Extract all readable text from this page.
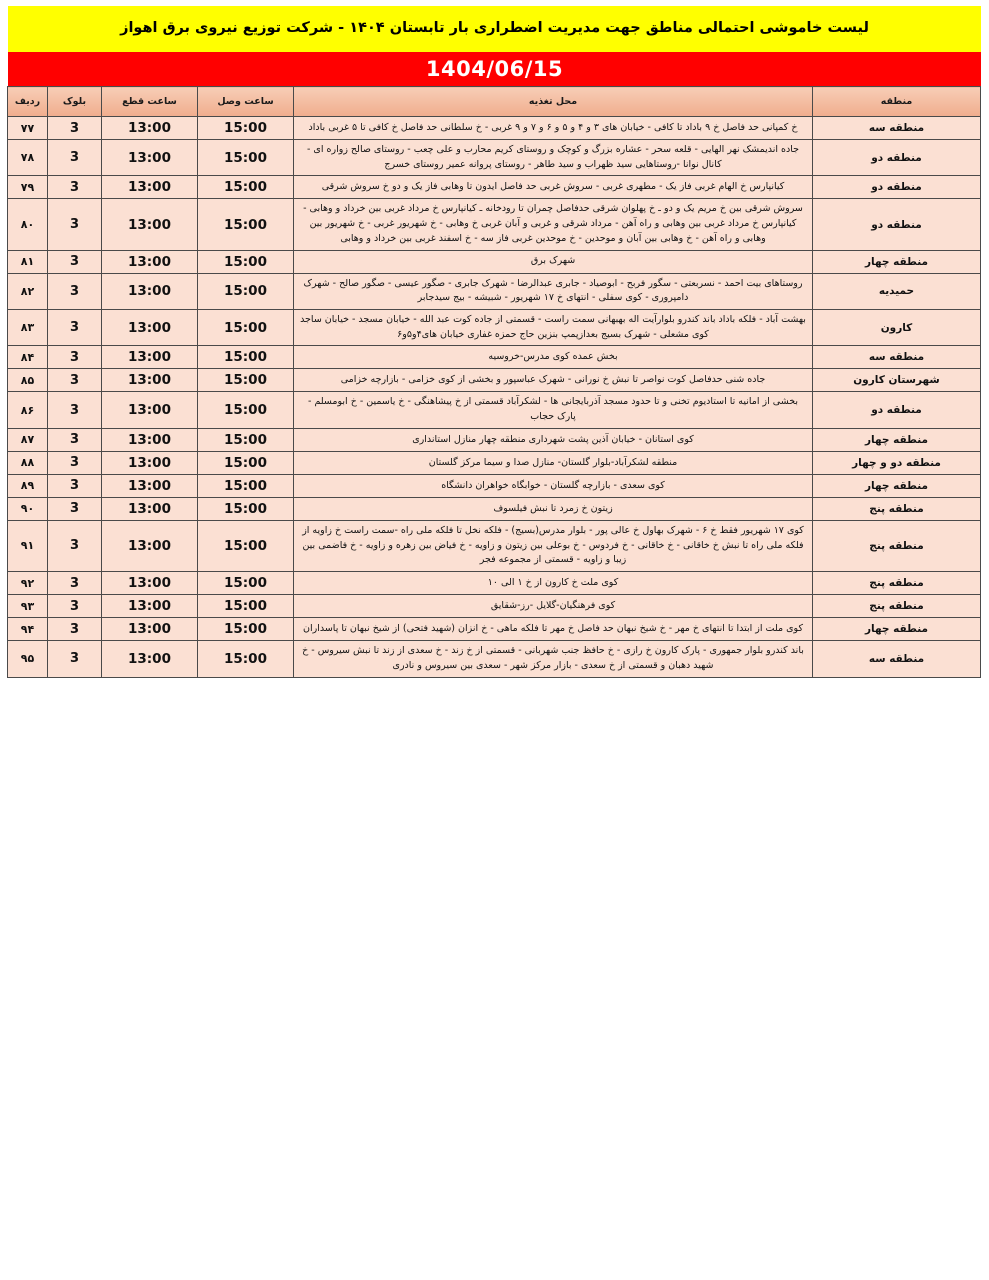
لیست خاموشی احتمالی مناطق جهت مدیریت اضطراری بار تابستان ۱۴۰۴ - شرکت توزیع نیروی برق اهواز
1404/06/15
منطقه	محل تغذیه	ساعت وصل	ساعت قطع	بلوک	ردیف
منطقه سه	خ کمپانی حد فاصل خ ۹ باداد تا کافی - خیابان های ۳ و ۴ و ۵ و ۶ و ۷ و ۹ غربی - خ سلطانی حد فاصل خ کافی تا ۵ غربی باداد	15:00	13:00	3	۷۷
منطقه دو	جاده اندیمشک نهر الهایی - قلعه سحر - عشاره بزرگ و کوچک و روستای کریم محارب و علی چعب - روستای صالح زواره ای - کانال نوانا -روستاهایی سید ظهراب و سید طاهر - روستای پروانه عمیر روستای خسرج	15:00	13:00	3	۷۸
منطقه دو	کیانپارس خ الهام غربی فاز یک - مطهری غربی - سروش غربی حد فاصل ایدون تا وهابی فاز یک و دو خ سروش شرقی	15:00	13:00	3	۷۹
منطقه دو	سروش شرقی بین خ مریم یک و دو ـ خ پهلوان شرقی حدفاصل چمران تا رودخانه ـ کیانپارس خ مرداد غربی بین خرداد و وهابی - کیانپارس خ مرداد غربی بین وهابی و راه آهن - مرداد شرقی و غربی و آبان غربی خ وهابی - خ شهریور غربی - خ شهریور بین وهابی و راه آهن - خ وهابی بین آبان و موحدین - خ موحدین غربی فاز سه - خ اسفند غربی بین خرداد و وهابی	15:00	13:00	3	۸۰
منطقه چهار	شهرک برق	15:00	13:00	3	۸۱
حمیدیه	روستاهای بیت احمد - نسربعتی - سگور فربح - ابوصیاد - جابری عبدالرضا - شهرک جابری - صگور عیسی - صگور صالح - شهرک دامپروری - کوی سفلی - انتهای خ ۱۷ شهریور - شبیشه - بیج سیدجابر	15:00	13:00	3	۸۲
کارون	بهشت آباد - فلکه باداد باند کندرو بلوارآیت اله بهبهانی سمت راست - قسمتی از جاده کوت عبد الله - خیابان مسجد - خیابان ساجد کوی مشعلی - شهرک بسیج بعدازپمپ بنزین حاج حمزه غفاری خیابان های۴و۵و۶	15:00	13:00	3	۸۳
منطقه سه	بخش عمده کوی مدرس-خروسیه	15:00	13:00	3	۸۴
شهرستان کارون	جاده شنی حدفاصل کوت نواصر تا نبش خ نورانی - شهرک عباسپور و بخشی از کوی خزامی - بازارچه خزامی	15:00	13:00	3	۸۵
منطقه دو	بخشی از امانیه تا استادیوم تخنی و تا حدود مسجد آذربایجانی ها - لشکرآباد قسمتی از خ پیشاهنگی - خ یاسمین - خ ابومسلم - پارک حجاب	15:00	13:00	3	۸۶
منطقه چهار	کوی استانان - خیابان آذین پشت شهرداری منطقه چهار منازل استانداری	15:00	13:00	3	۸۷
منطقه دو و چهار	منطقه لشکرآباد-بلوار گلستان- منازل صدا و سیما مرکز گلستان	15:00	13:00	3	۸۸
منطقه چهار	کوی سعدی - بازارچه گلستان - خوابگاه خواهران دانشگاه	15:00	13:00	3	۸۹
منطقه پنج	زیتون خ زمرد تا نبش فیلسوف	15:00	13:00	3	۹۰
منطقه پنج	کوی ۱۷ شهریور فقط خ ۶ - شهرک بهاول خ عالی پور - بلوار مدرس(بسیج) - فلکه نخل تا فلکه ملی راه -سمت راست خ زاویه از فلکه ملی راه تا نبش خ خاقانی - خ خاقانی - خ فردوس - خ بوعلی بین زیتون و زاویه - خ فیاض بین زهره و زاویه - خ فاضمی بین زیبا و زاویه - قسمتی از مجموعه فجر	15:00	13:00	3	۹۱
منطقه پنج	کوی ملت خ کارون از خ ۱ الی ۱۰	15:00	13:00	3	۹۲
منطقه پنج	کوی فرهنگیان-گلایل -رز-شقایق	15:00	13:00	3	۹۳
منطقه چهار	کوی ملت از ابتدا تا انتهای خ مهر - خ شیخ نبهان حد فاصل خ مهر تا فلکه ماهی - خ انزان (شهید فتحی) از شیخ نبهان تا پاسداران	15:00	13:00	3	۹۴
منطقه سه	باند کندرو بلوار جمهوری - پارک کارون خ رازی - خ حافظ جنب شهربانی - قسمتی از خ زند - خ سعدی از زند تا نبش سیروس - خ شهید دهبان و قسمتی از خ سعدی - بازار مرکز شهر - سعدی بین سیروس و نادری	15:00	13:00	3	۹۵
